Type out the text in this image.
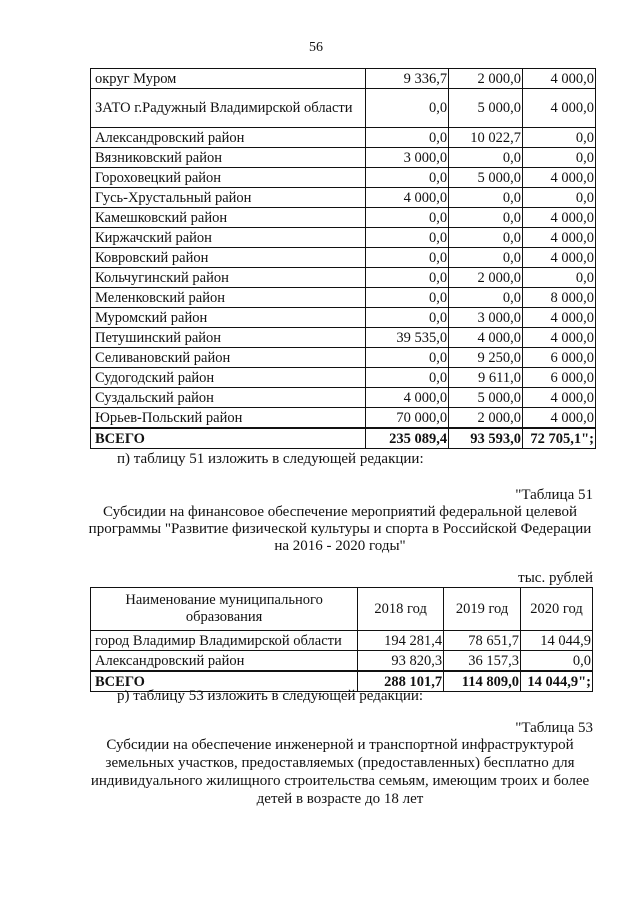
56
округ Муром	9 336,7	2 000,0	4 000,0
ЗАТО г.Радужный Владимирской области	0,0	5 000,0	4 000,0
Александровский район	0,0	10 022,7	0,0
Вязниковский район	3 000,0	0,0	0,0
Гороховецкий район	0,0	5 000,0	4 000,0
Гусь-Хрустальный район	4 000,0	0,0	0,0
Камешковский район	0,0	0,0	4 000,0
Киржачский район	0,0	0,0	4 000,0
Ковровский район	0,0	0,0	4 000,0
Кольчугинский район	0,0	2 000,0	0,0
Меленковский район	0,0	0,0	8 000,0
Муромский район	0,0	3 000,0	4 000,0
Петушинский район	39 535,0	4 000,0	4 000,0
Селивановский район	0,0	9 250,0	6 000,0
Судогодский район	0,0	9 611,0	6 000,0
Суздальский район	4 000,0	5 000,0	4 000,0
Юрьев-Польский район	70 000,0	2 000,0	4 000,0
ВСЕГО	235 089,4	93 593,0	72 705,1";
п) таблицу 51 изложить в следующей редакции:
"Таблица 51
Субсидии на финансовое обеспечение мероприятий федеральной целевой
программы "Развитие физической культуры и спорта в Российской Федерации
на 2016 - 2020 годы"
тыс. рублей
Наименование муниципального образования	2018 год	2019 год	2020 год
город Владимир Владимирской области	194 281,4	78 651,7	14 044,9
Александровский район	93 820,3	36 157,3	0,0
ВСЕГО	288 101,7	114 809,0	14 044,9";
р) таблицу 53 изложить в следующей редакции:
"Таблица 53
Субсидии на обеспечение инженерной и транспортной инфраструктурой
земельных участков, предоставляемых (предоставленных) бесплатно для
индивидуального жилищного строительства семьям, имеющим троих и более
детей в возрасте до 18 лет
